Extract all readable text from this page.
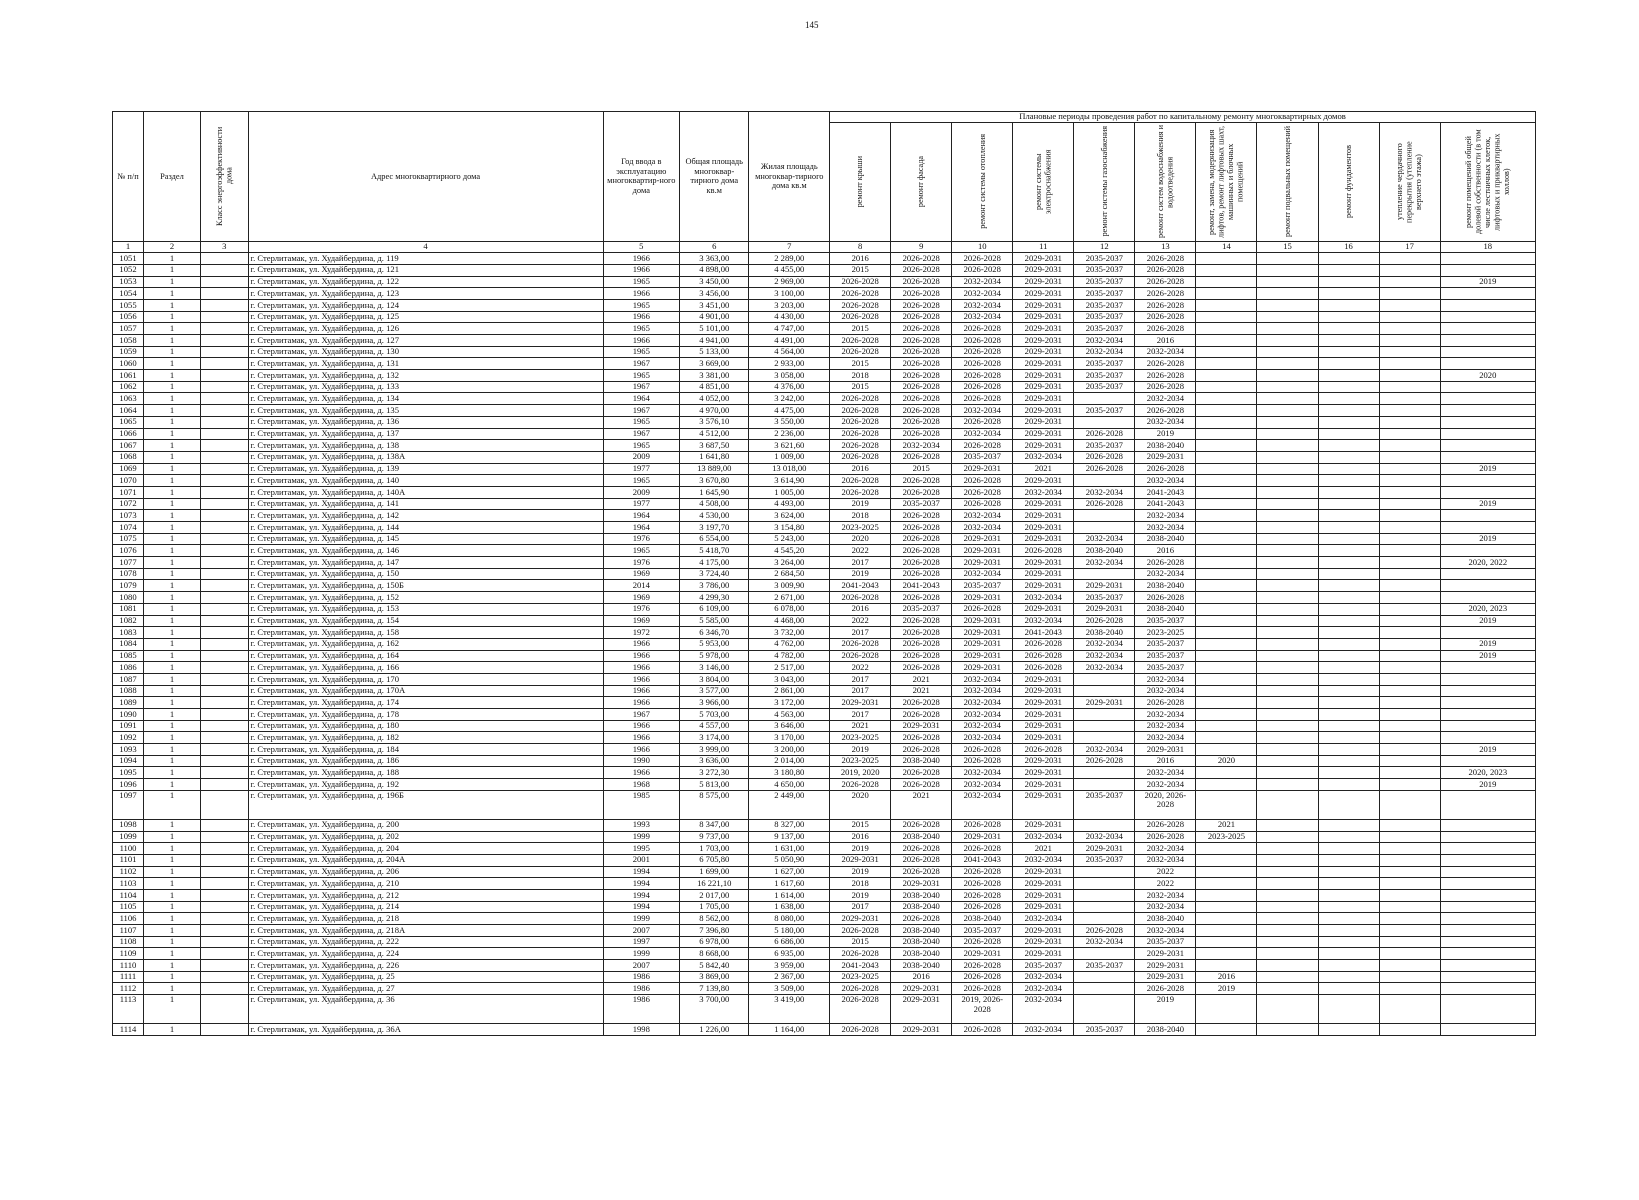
145
№ п/п	Раздел	Класс энергоэффективности дома	Адрес многоквартирного дома	Год ввода в эксплуатацию многоквартир-ного дома	Общая площадь многоквар-тирного дома кв.м	Жилая площадь многоквар-тирного дома кв.м	Плановые периоды проведения работ по капитальному ремонту многоквартирных домов										

							ремонт крыши	ремонт фасада	ремонт системы отопления	ремонт системы электроснабжения	ремонт системы газоснабжения	ремонт систем водоснабжения и водоотведения	ремонт, замена, модернизация лифтов, ремонт лифтовых шахт, машинных и блочных помещений	ремонт подвальных помещений	ремонт фундаментов	утепление чердачного перекрытия (утепление верхнего этажа)	ремонт помещений общей долевой собственности (в том числе лестничных клеток, лифтовых и приквартирных холлов)

1	2	3	4	5	6	7	8	9	10	11	12	13	14	15	16	17	18
1051	1		г. Стерлитамак, ул. Худайбердина, д. 119	1966	3 363,00	2 289,00	2016	2026-2028	2026-2028	2029-2031	2035-2037	2026-2028					
1052	1		г. Стерлитамак, ул. Худайбердина, д. 121	1966	4 898,00	4 455,00	2015	2026-2028	2026-2028	2029-2031	2035-2037	2026-2028					
1053	1		г. Стерлитамак, ул. Худайбердина, д. 122	1965	3 450,00	2 969,00	2026-2028	2026-2028	2032-2034	2029-2031	2035-2037	2026-2028					2019
1054	1		г. Стерлитамак, ул. Худайбердина, д. 123	1966	3 456,00	3 100,00	2026-2028	2026-2028	2032-2034	2029-2031	2035-2037	2026-2028					
1055	1		г. Стерлитамак, ул. Худайбердина, д. 124	1965	3 451,00	3 203,00	2026-2028	2026-2028	2032-2034	2029-2031	2035-2037	2026-2028					
1056	1		г. Стерлитамак, ул. Худайбердина, д. 125	1966	4 901,00	4 430,00	2026-2028	2026-2028	2032-2034	2029-2031	2035-2037	2026-2028					
1057	1		г. Стерлитамак, ул. Худайбердина, д. 126	1965	5 101,00	4 747,00	2015	2026-2028	2026-2028	2029-2031	2035-2037	2026-2028					
1058	1		г. Стерлитамак, ул. Худайбердина, д. 127	1966	4 941,00	4 491,00	2026-2028	2026-2028	2026-2028	2029-2031	2032-2034	2016					
1059	1		г. Стерлитамак, ул. Худайбердина, д. 130	1965	5 133,00	4 564,00	2026-2028	2026-2028	2026-2028	2029-2031	2032-2034	2032-2034					
1060	1		г. Стерлитамак, ул. Худайбердина, д. 131	1967	3 669,00	2 933,00	2015	2026-2028	2026-2028	2029-2031	2035-2037	2026-2028					
1061	1		г. Стерлитамак, ул. Худайбердина, д. 132	1965	3 381,00	3 058,00	2018	2026-2028	2026-2028	2029-2031	2035-2037	2026-2028					2020
1062	1		г. Стерлитамак, ул. Худайбердина, д. 133	1967	4 851,00	4 376,00	2015	2026-2028	2026-2028	2029-2031	2035-2037	2026-2028					
1063	1		г. Стерлитамак, ул. Худайбердина, д. 134	1964	4 052,00	3 242,00	2026-2028	2026-2028	2026-2028	2029-2031		2032-2034					
1064	1		г. Стерлитамак, ул. Худайбердина, д. 135	1967	4 970,00	4 475,00	2026-2028	2026-2028	2032-2034	2029-2031	2035-2037	2026-2028					
1065	1		г. Стерлитамак, ул. Худайбердина, д. 136	1965	3 576,10	3 550,00	2026-2028	2026-2028	2026-2028	2029-2031		2032-2034					
1066	1		г. Стерлитамак, ул. Худайбердина, д. 137	1967	4 512,00	2 236,00	2026-2028	2026-2028	2032-2034	2029-2031	2026-2028	2019					
1067	1		г. Стерлитамак, ул. Худайбердина, д. 138	1965	3 687,50	3 621,60	2026-2028	2032-2034	2026-2028	2029-2031	2035-2037	2038-2040					
1068	1		г. Стерлитамак, ул. Худайбердина, д. 138А	2009	1 641,80	1 009,00	2026-2028	2026-2028	2035-2037	2032-2034	2026-2028	2029-2031					
1069	1		г. Стерлитамак, ул. Худайбердина, д. 139	1977	13 889,00	13 018,00	2016	2015	2029-2031	2021	2026-2028	2026-2028					2019
1070	1		г. Стерлитамак, ул. Худайбердина, д. 140	1965	3 670,80	3 614,90	2026-2028	2026-2028	2026-2028	2029-2031		2032-2034					
1071	1		г. Стерлитамак, ул. Худайбердина, д. 140А	2009	1 645,90	1 005,00	2026-2028	2026-2028	2026-2028	2032-2034	2032-2034	2041-2043					
1072	1		г. Стерлитамак, ул. Худайбердина, д. 141	1977	4 508,00	4 493,00	2019	2035-2037	2026-2028	2029-2031	2026-2028	2041-2043					2019
1073	1		г. Стерлитамак, ул. Худайбердина, д. 142	1964	4 530,00	3 624,00	2018	2026-2028	2032-2034	2029-2031		2032-2034					
1074	1		г. Стерлитамак, ул. Худайбердина, д. 144	1964	3 197,70	3 154,80	2023-2025	2026-2028	2032-2034	2029-2031		2032-2034					
1075	1		г. Стерлитамак, ул. Худайбердина, д. 145	1976	6 554,00	5 243,00	2020	2026-2028	2029-2031	2029-2031	2032-2034	2038-2040					2019
1076	1		г. Стерлитамак, ул. Худайбердина, д. 146	1965	5 418,70	4 545,20	2022	2026-2028	2029-2031	2026-2028	2038-2040	2016					
1077	1		г. Стерлитамак, ул. Худайбердина, д. 147	1976	4 175,00	3 264,00	2017	2026-2028	2029-2031	2029-2031	2032-2034	2026-2028					2020, 2022
1078	1		г. Стерлитамак, ул. Худайбердина, д. 150	1969	3 724,40	2 684,50	2019	2026-2028	2032-2034	2029-2031		2032-2034					
1079	1		г. Стерлитамак, ул. Худайбердина, д. 150Б	2014	3 786,00	3 009,90	2041-2043	2041-2043	2035-2037	2029-2031	2029-2031	2038-2040					
1080	1		г. Стерлитамак, ул. Худайбердина, д. 152	1969	4 299,30	2 671,00	2026-2028	2026-2028	2029-2031	2032-2034	2035-2037	2026-2028					
1081	1		г. Стерлитамак, ул. Худайбердина, д. 153	1976	6 109,00	6 078,00	2016	2035-2037	2026-2028	2029-2031	2029-2031	2038-2040					2020, 2023
1082	1		г. Стерлитамак, ул. Худайбердина, д. 154	1969	5 585,00	4 468,00	2022	2026-2028	2029-2031	2032-2034	2026-2028	2035-2037					2019
1083	1		г. Стерлитамак, ул. Худайбердина, д. 158	1972	6 346,70	3 732,00	2017	2026-2028	2029-2031	2041-2043	2038-2040	2023-2025					
1084	1		г. Стерлитамак, ул. Худайбердина, д. 162	1966	5 953,00	4 762,00	2026-2028	2026-2028	2029-2031	2026-2028	2032-2034	2035-2037					2019
1085	1		г. Стерлитамак, ул. Худайбердина, д. 164	1966	5 978,00	4 782,00	2026-2028	2026-2028	2029-2031	2026-2028	2032-2034	2035-2037					2019
1086	1		г. Стерлитамак, ул. Худайбердина, д. 166	1966	3 146,00	2 517,00	2022	2026-2028	2029-2031	2026-2028	2032-2034	2035-2037					
1087	1		г. Стерлитамак, ул. Худайбердина, д. 170	1966	3 804,00	3 043,00	2017	2021	2032-2034	2029-2031		2032-2034					
1088	1		г. Стерлитамак, ул. Худайбердина, д. 170А	1966	3 577,00	2 861,00	2017	2021	2032-2034	2029-2031		2032-2034					
1089	1		г. Стерлитамак, ул. Худайбердина, д. 174	1966	3 966,00	3 172,00	2029-2031	2026-2028	2032-2034	2029-2031	2029-2031	2026-2028					
1090	1		г. Стерлитамак, ул. Худайбердина, д. 178	1967	5 703,00	4 563,00	2017	2026-2028	2032-2034	2029-2031		2032-2034					
1091	1		г. Стерлитамак, ул. Худайбердина, д. 180	1966	4 557,00	3 646,00	2021	2029-2031	2032-2034	2029-2031		2032-2034					
1092	1		г. Стерлитамак, ул. Худайбердина, д. 182	1966	3 174,00	3 170,00	2023-2025	2026-2028	2032-2034	2029-2031		2032-2034					
1093	1		г. Стерлитамак, ул. Худайбердина, д. 184	1966	3 999,00	3 200,00	2019	2026-2028	2026-2028	2026-2028	2032-2034	2029-2031					2019
1094	1		г. Стерлитамак, ул. Худайбердина, д. 186	1990	3 636,00	2 014,00	2023-2025	2038-2040	2026-2028	2029-2031	2026-2028	2016	2020				
1095	1		г. Стерлитамак, ул. Худайбердина, д. 188	1966	3 272,30	3 180,80	2019, 2020	2026-2028	2032-2034	2029-2031		2032-2034					2020, 2023
1096	1		г. Стерлитамак, ул. Худайбердина, д. 192	1968	5 813,00	4 650,00	2026-2028	2026-2028	2032-2034	2029-2031		2032-2034					2019
1097	1		г. Стерлитамак, ул. Худайбердина, д. 196Б	1985	8 575,00	2 449,00	2020	2021	2032-2034	2029-2031	2035-2037	2020, 2026-2028					
1098	1		г. Стерлитамак, ул. Худайбердина, д. 200	1993	8 347,00	8 327,00	2015	2026-2028	2026-2028	2029-2031		2026-2028	2021				
1099	1		г. Стерлитамак, ул. Худайбердина, д. 202	1999	9 737,00	9 137,00	2016	2038-2040	2029-2031	2032-2034	2032-2034	2026-2028	2023-2025				
1100	1		г. Стерлитамак, ул. Худайбердина, д. 204	1995	1 703,00	1 631,00	2019	2026-2028	2026-2028	2021	2029-2031	2032-2034					
1101	1		г. Стерлитамак, ул. Худайбердина, д. 204А	2001	6 705,80	5 050,90	2029-2031	2026-2028	2041-2043	2032-2034	2035-2037	2032-2034					
1102	1		г. Стерлитамак, ул. Худайбердина, д. 206	1994	1 699,00	1 627,00	2019	2026-2028	2026-2028	2029-2031		2022					
1103	1		г. Стерлитамак, ул. Худайбердина, д. 210	1994	16 221,10	1 617,60	2018	2029-2031	2026-2028	2029-2031		2022					
1104	1		г. Стерлитамак, ул. Худайбердина, д. 212	1994	2 017,00	1 614,00	2019	2038-2040	2026-2028	2029-2031		2032-2034					
1105	1		г. Стерлитамак, ул. Худайбердина, д. 214	1994	1 705,00	1 638,00	2017	2038-2040	2026-2028	2029-2031		2032-2034					
1106	1		г. Стерлитамак, ул. Худайбердина, д. 218	1999	8 562,00	8 080,00	2029-2031	2026-2028	2038-2040	2032-2034		2038-2040					
1107	1		г. Стерлитамак, ул. Худайбердина, д. 218А	2007	7 396,80	5 180,00	2026-2028	2038-2040	2035-2037	2029-2031	2026-2028	2032-2034					
1108	1		г. Стерлитамак, ул. Худайбердина, д. 222	1997	6 978,00	6 686,00	2015	2038-2040	2026-2028	2029-2031	2032-2034	2035-2037					
1109	1		г. Стерлитамак, ул. Худайбердина, д. 224	1999	8 668,00	6 935,00	2026-2028	2038-2040	2029-2031	2029-2031		2029-2031					
1110	1		г. Стерлитамак, ул. Худайбердина, д. 226	2007	5 842,40	3 959,00	2041-2043	2038-2040	2026-2028	2035-2037	2035-2037	2029-2031					
1111	1		г. Стерлитамак, ул. Худайбердина, д. 25	1986	3 869,00	2 367,00	2023-2025	2016	2026-2028	2032-2034		2029-2031	2016				
1112	1		г. Стерлитамак, ул. Худайбердина, д. 27	1986	7 139,80	3 509,00	2026-2028	2029-2031	2026-2028	2032-2034		2026-2028	2019				
1113	1		г. Стерлитамак, ул. Худайбердина, д. 36	1986	3 700,00	3 419,00	2026-2028	2029-2031	2019, 2026-2028	2032-2034		2019					
1114	1		г. Стерлитамак, ул. Худайбердина, д. 36А	1998	1 226,00	1 164,00	2026-2028	2029-2031	2026-2028	2032-2034	2035-2037	2038-2040					
